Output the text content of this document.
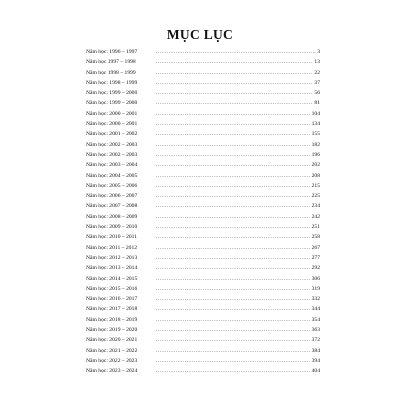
MỤC LỤC
Năm học: 1996 – 1997 .....	3
Năm học 1997 – 1998 .....	13
Năm học 1998 – 1999 .....	22
Năm học: 1998 – 1999 .....	37
Năm học: 1999 – 2000 .....	56
Năm học: 1999 – 2000 .....	81
Năm học: 2000 – 2001 .....	104
Năm học: 2000 – 2001 .....	134
Năm học: 2001 – 2002 .....	155
Năm học: 2002 – 2003 .....	182
Năm học: 2002 – 2003 .....	196
Năm học: 2003 – 2004 .....	202
Năm học: 2004 – 2005 .....	208
Năm học: 2005 – 2006 .....	215
Năm học: 2006 – 2007 .....	225
Năm học: 2007 – 2008 .....	234
Năm học: 2008 – 2009 .....	242
Năm học: 2009 – 2010 .....	251
Năm học: 2010 – 2011 .....	258
Năm học: 2011 – 2012 .....	267
Năm học: 2012 – 2013 .....	277
Năm học: 2013 – 2014 .....	292
Năm học: 2014 – 2015 .....	306
Năm học: 2015 – 2016 .....	319
Năm học: 2016 – 2017 .....	332
Năm học: 2017 – 2018 .....	344
Năm học: 2018 – 2019 .....	354
Năm học: 2019 – 2020 .....	363
Năm học: 2020 – 2021 .....	372
Năm học: 2021 – 2022 .....	384
Năm học: 2022 – 2023 .....	394
Năm học: 2023 – 2024 .....	404
